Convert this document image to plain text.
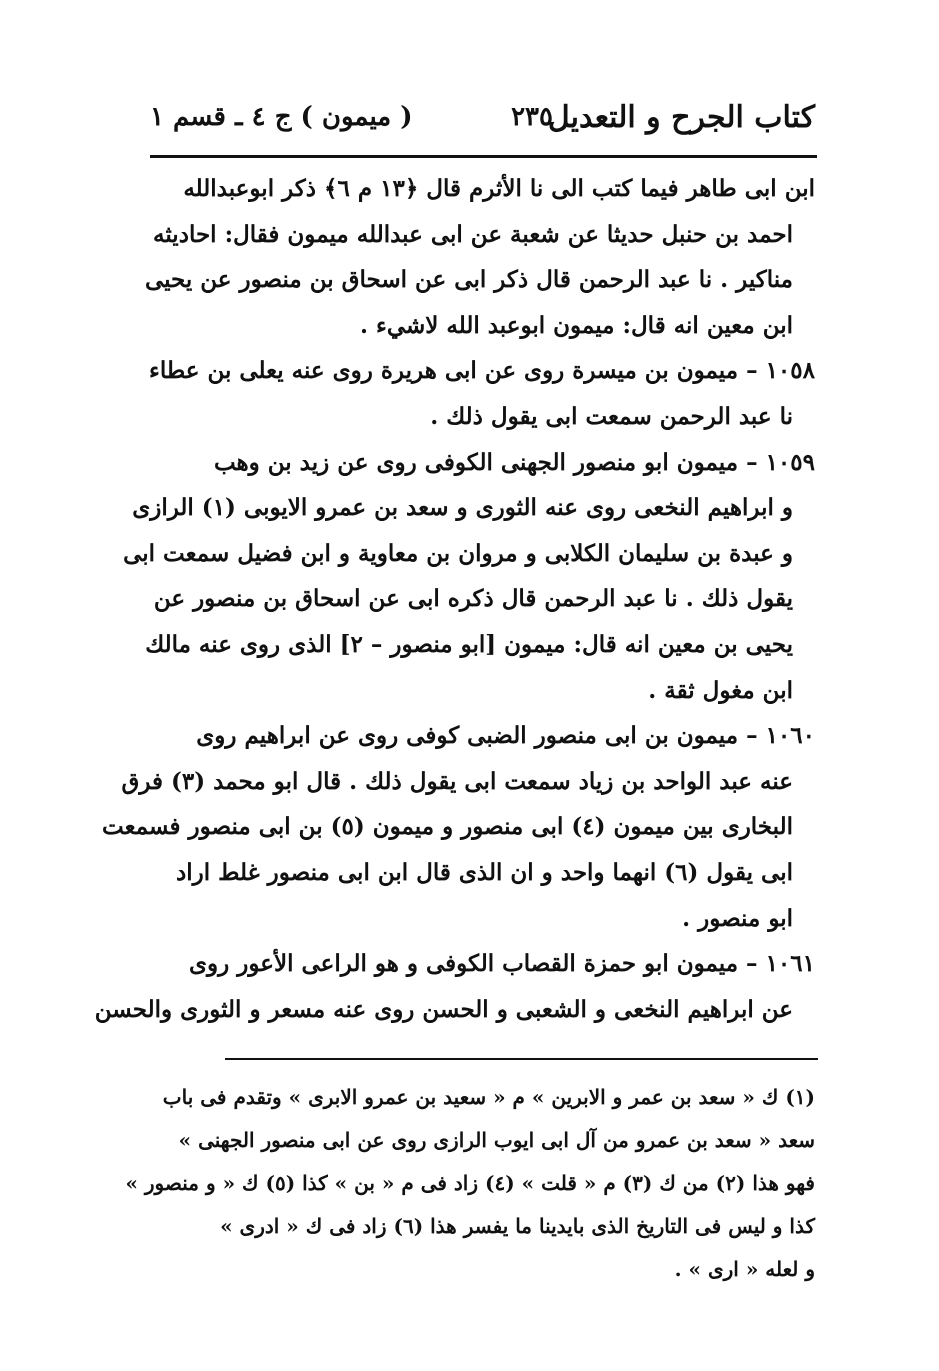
كتاب الجرح و التعديل
٢٣٥
( ميمون ) ج ٤ ـ قسم ١
ابن ابى طاهر فيما كتب الى نا الأثرم قال ﴿١٣ م ٦﴾ ذكر ابوعبدالله
احمد بن حنبل حديثا عن شعبة عن ابى عبدالله ميمون فقال: احاديثه
مناكير . نا عبد الرحمن قال ذكر ابى عن اسحاق بن منصور عن يحيى
ابن معين انه قال: ميمون ابوعبد الله لاشيء .
١٠٥٨ – ميمون بن ميسرة روى عن ابى هريرة روى عنه يعلى بن عطاء
نا عبد الرحمن سمعت ابى يقول ذلك .
١٠٥٩ – ميمون ابو منصور الجهنى الكوفى روى عن زيد بن وهب
و ابراهيم النخعى روى عنه الثورى و سعد بن عمرو الايوبى (١) الرازى
و عبدة بن سليمان الكلابى و مروان بن معاوية و ابن فضيل سمعت ابى
يقول ذلك . نا عبد الرحمن قال ذكره ابى عن اسحاق بن منصور عن
يحيى بن معين انه قال: ميمون [ابو منصور – ٢] الذى روى عنه مالك
ابن مغول ثقة .
١٠٦٠ – ميمون بن ابى منصور الضبى كوفى روى عن ابراهيم روى
عنه عبد الواحد بن زياد سمعت ابى يقول ذلك . قال ابو محمد (٣) فرق
البخارى بين ميمون (٤) ابى منصور و ميمون (٥) بن ابى منصور فسمعت
ابى يقول (٦) انهما واحد و ان الذى قال ابن ابى منصور غلط اراد
ابو منصور .
١٠٦١ – ميمون ابو حمزة القصاب الكوفى و هو الراعى الأعور روى
عن ابراهيم النخعى و الشعبى و الحسن روى عنه مسعر و الثورى والحسن
(١) ك « سعد بن عمر و الابرين » م « سعيد بن عمرو الابرى » وتقدم فى باب
سعد « سعد بن عمرو من آل ابى ايوب الرازى روى عن ابى منصور الجهنى »
فهو هذا (٢) من ك (٣) م « قلت » (٤) زاد فى م « بن » كذا (٥) ك « و منصور »
كذا و ليس فى التاريخ الذى بايدينا ما يفسر هذا (٦) زاد فى ك « ادرى »
و لعله « ارى » .
